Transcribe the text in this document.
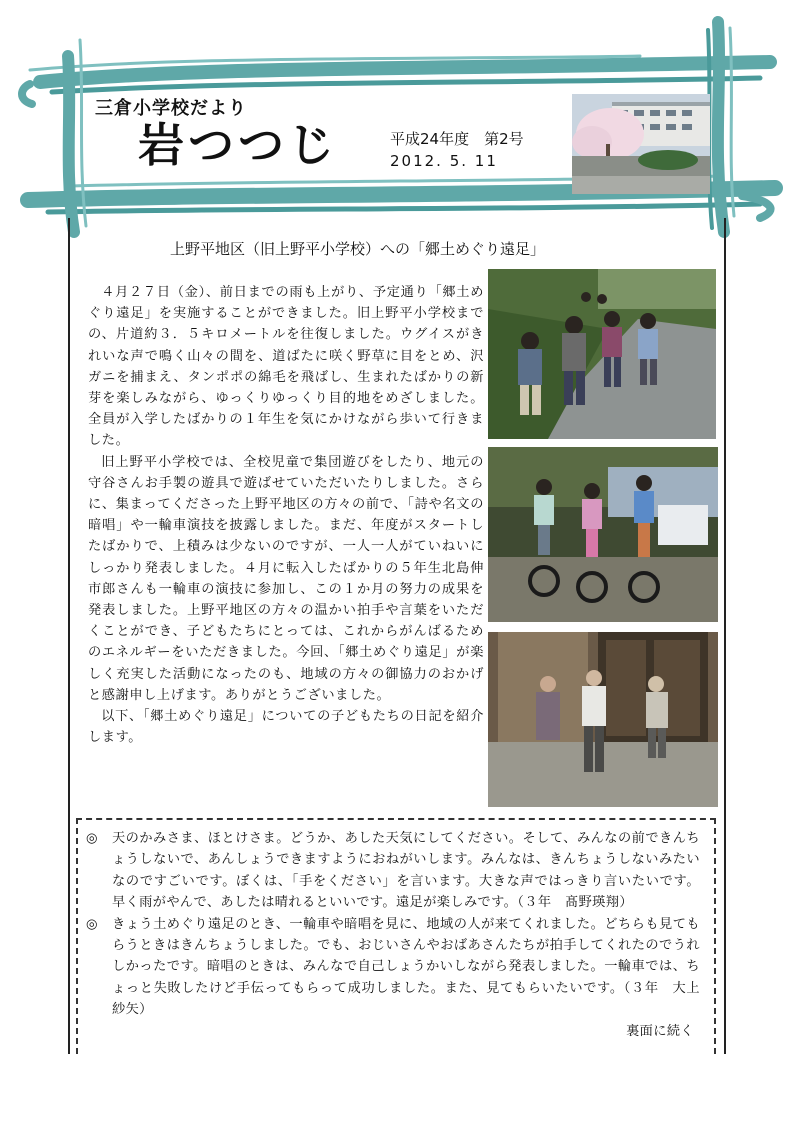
三倉小学校だより
岩つつじ	平成24年度　第2号
2012. 5. 11
上野平地区（旧上野平小学校）への「郷土めぐり遠足」

４月２７日（金）、前日までの雨も上がり、予定通り「郷土めぐり遠足」を実施することができました。旧上野平小学校までの、片道約３．５キロメートルを往復しました。ウグイスがきれいな声で鳴く山々の間を、道ばたに咲く野草に目をとめ、沢ガニを捕まえ、タンポポの綿毛を飛ばし、生まれたばかりの新芽を楽しみながら、ゆっくりゆっくり目的地をめざしました。全員が入学したばかりの１年生を気にかけながら歩いて行きました。

旧上野平小学校では、全校児童で集団遊びをしたり、地元の守谷さんお手製の遊具で遊ばせていただいたりしました。さらに、集まってくださった上野平地区の方々の前で、「詩や名文の暗唱」や一輪車演技を披露しました。まだ、年度がスタートしたばかりで、上積みは少ないのですが、一人一人がていねいにしっかり発表しました。４月に転入したばかりの５年生北島伸市郎さんも一輪車の演技に参加し、この１か月の努力の成果を発表しました。上野平地区の方々の温かい拍手や言葉をいただくことができ、子どもたちにとっては、これからがんばるためのエネルギーをいただきました。今回、「郷土めぐり遠足」が楽しく充実した活動になったのも、地域の方々の御協力のおかげと感謝申し上げます。ありがとうございました。

以下、「郷土めぐり遠足」についての子どもたちの日記を紹介します。

◎	天のかみさま、ほとけさま。どうか、あした天気にしてください。そして、みんなの前できんちょうしないで、あんしょうできますようにおねがいします。みんなは、きんちょうしないみたいなのですごいです。ぼくは、「手をください」を言います。大きな声ではっきり言いたいです。早く雨がやんで、あしたは晴れるといいです。遠足が楽しみです。（３年　髙野瑛翔）
◎	きょう土めぐり遠足のとき、一輪車や暗唱を見に、地域の人が来てくれました。どちらも見てもらうときはきんちょうしました。でも、おじいさんやおばあさんたちが拍手してくれたのでうれしかったです。暗唱のときは、みんなで自己しょうかいしながら発表しました。一輪車では、ちょっと失敗したけど手伝ってもらって成功しました。また、見てもらいたいです。（３年　大上紗矢）
裏面に続く
